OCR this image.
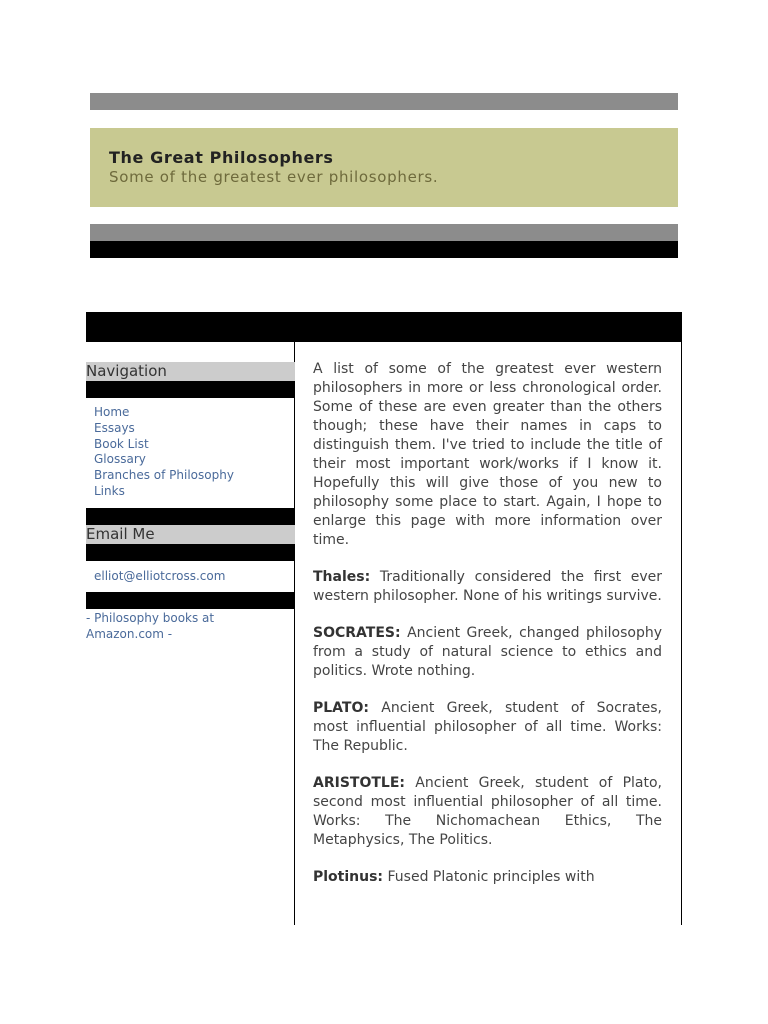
The Great Philosophers
Some of the greatest ever philosophers.
Navigation
Home
Essays
Book List
Glossary
Branches of Philosophy
Links
Email Me
elliot@elliotcross.com
- Philosophy books at Amazon.com -

A list of some of the greatest ever western philosophers in more or less chronological order. Some of these are even greater than the others though; these have their names in caps to distinguish them. I've tried to include the title of their most important work/works if I know it. Hopefully this will give those of you new to philosophy some place to start. Again, I hope to enlarge this page with more information over time.

Thales: Traditionally considered the first ever western philosopher. None of his writings survive.

SOCRATES: Ancient Greek, changed philosophy from a study of natural science to ethics and politics. Wrote nothing.

PLATO: Ancient Greek, student of Socrates, most influential philosopher of all time. Works: The Republic.

ARISTOTLE: Ancient Greek, student of Plato, second most influential philosopher of all time. Works: The Nichomachean Ethics, The Metaphysics, The Politics.

Plotinus: Fused Platonic principles with
